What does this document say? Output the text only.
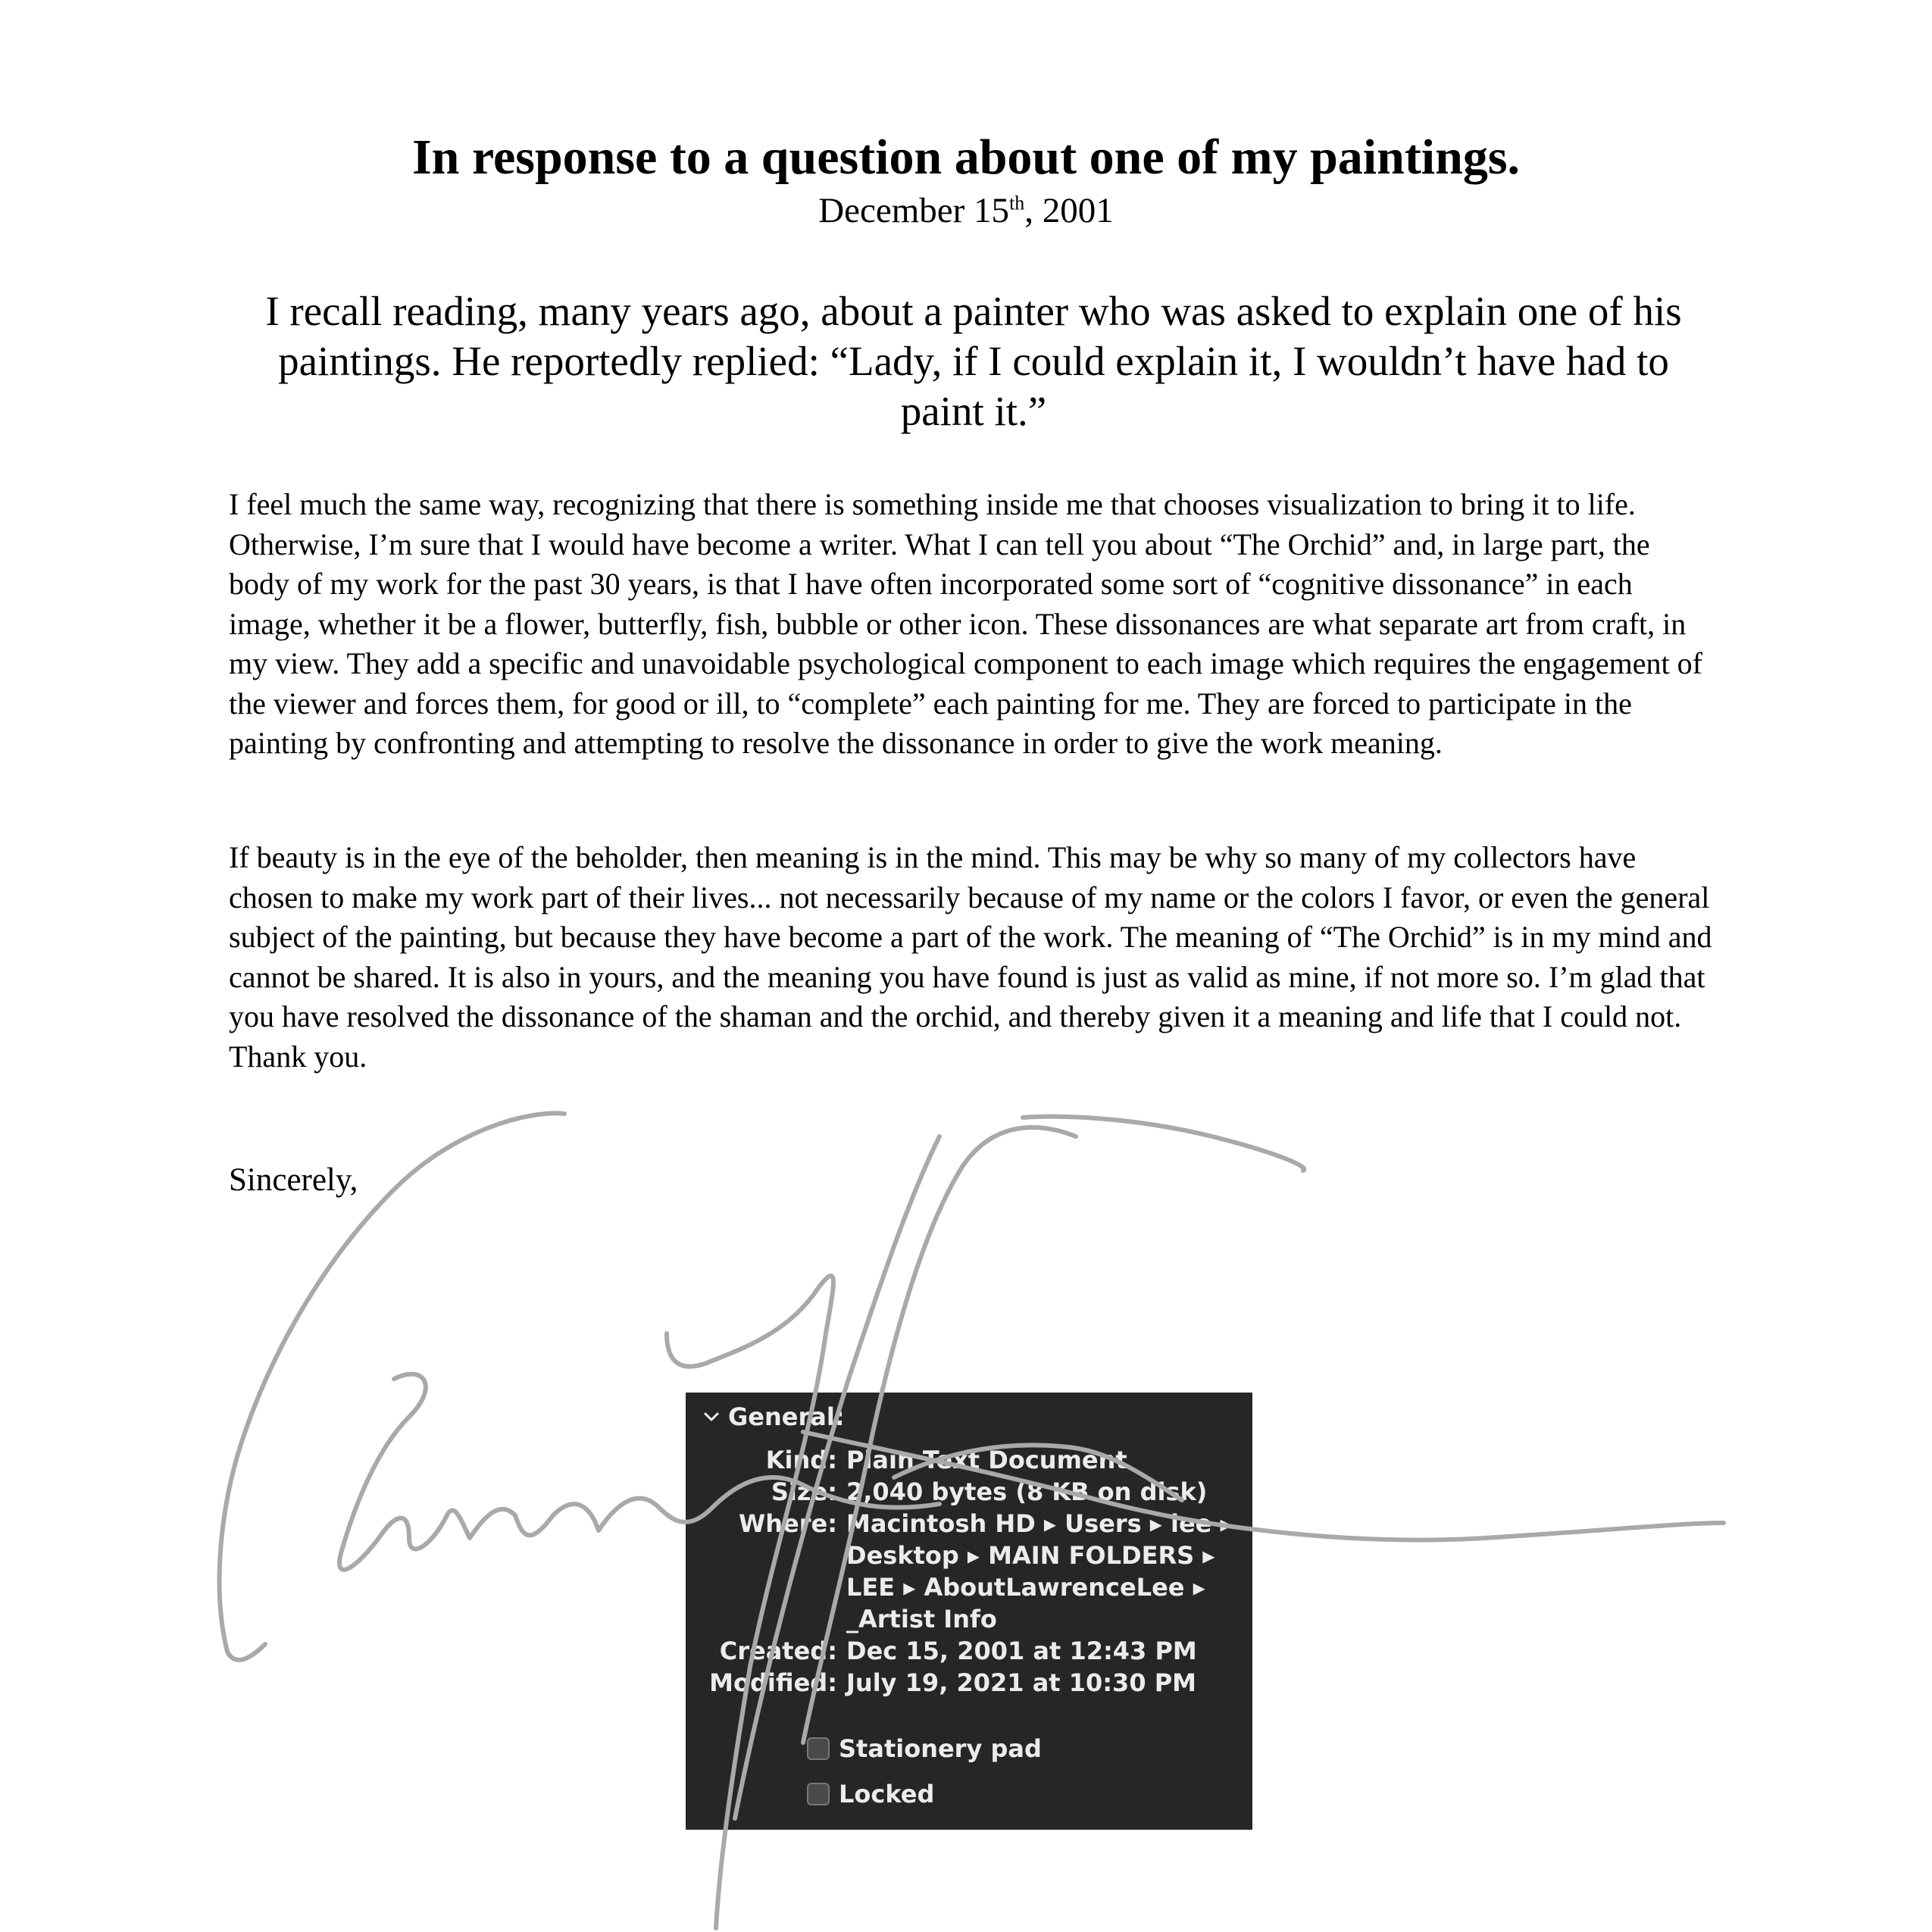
In response to a question about one of my paintings.
December 15th, 2001

I recall reading, many years ago, about a painter who was asked to explain one of his paintings. He reportedly replied: “Lady, if I could explain it, I wouldn’t have had to paint it.”

I feel much the same way, recognizing that there is something inside me that chooses visualization to bring it to life. Otherwise, I’m sure that I would have become a writer. What I can tell you about “The Orchid” and, in large part, the body of my work for the past 30 years, is that I have often incorporated some sort of “cognitive dissonance” in each image, whether it be a flower, butterfly, fish, bubble or other icon. These dissonances are what separate art from craft, in my view. They add a specific and unavoidable psychological component to each image which requires the engagement of the viewer and forces them, for good or ill, to “complete” each painting for me. They are forced to participate in the painting by confronting and attempting to resolve the dissonance in order to give the work meaning.

If beauty is in the eye of the beholder, then meaning is in the mind. This may be why so many of my collectors have chosen to make my work part of their lives... not necessarily because of my name or the colors I favor, or even the general subject of the painting, but because they have become a part of the work. The meaning of “The Orchid” is in my mind and cannot be shared. It is also in yours, and the meaning you have found is just as valid as mine, if not more so. I’m glad that you have resolved the dissonance of the shaman and the orchid, and thereby given it a meaning and life that I could not. Thank you.

Sincerely,
General:
Kind: Plain Text Document
Size: 2,040 bytes (8 KB on disk)
Where: Macintosh HD ▸ Users ▸ lee ▸
Desktop ▸ MAIN FOLDERS ▸
LEE ▸ AboutLawrenceLee ▸
_Artist Info
Created: Dec 15, 2001 at 12:43 PM
Modified: July 19, 2021 at 10:30 PM
Stationery pad
Locked
